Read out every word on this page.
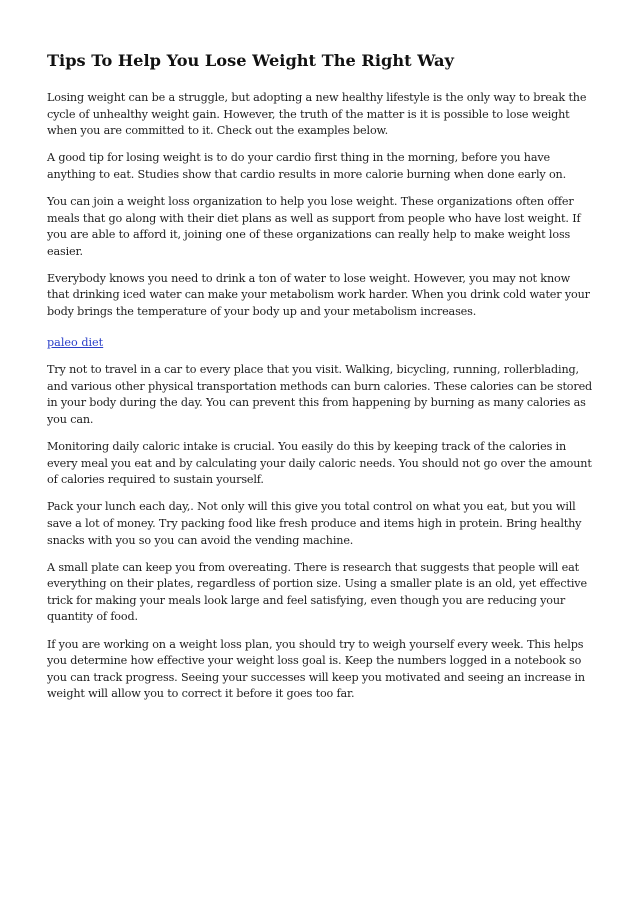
Tips To Help You Lose Weight The Right Way

Losing weight can be a struggle, but adopting a new healthy lifestyle is the only way to break the cycle of unhealthy weight gain. However, the truth of the matter is it is possible to lose weight when you are committed to it. Check out the examples below.

A good tip for losing weight is to do your cardio first thing in the morning, before you have anything to eat. Studies show that cardio results in more calorie burning when done early on.

You can join a weight loss organization to help you lose weight. These organizations often offer meals that go along with their diet plans as well as support from people who have lost weight. If you are able to afford it, joining one of these organizations can really help to make weight loss easier.

Everybody knows you need to drink a ton of water to lose weight. However, you may not know that drinking iced water can make your metabolism work harder. When you drink cold water your body brings the temperature of your body up and your metabolism increases.

paleo diet

Try not to travel in a car to every place that you visit. Walking, bicycling, running, rollerblading, and various other physical transportation methods can burn calories. These calories can be stored in your body during the day. You can prevent this from happening by burning as many calories as you can.

Monitoring daily caloric intake is crucial. You easily do this by keeping track of the calories in every meal you eat and by calculating your daily caloric needs. You should not go over the amount of calories required to sustain yourself.

Pack your lunch each day,. Not only will this give you total control on what you eat, but you will save a lot of money. Try packing food like fresh produce and items high in protein. Bring healthy snacks with you so you can avoid the vending machine.

A small plate can keep you from overeating. There is research that suggests that people will eat everything on their plates, regardless of portion size. Using a smaller plate is an old, yet effective trick for making your meals look large and feel satisfying, even though you are reducing your quantity of food.

If you are working on a weight loss plan, you should try to weigh yourself every week. This helps you determine how effective your weight loss goal is. Keep the numbers logged in a notebook so you can track progress. Seeing your successes will keep you motivated and seeing an increase in weight will allow you to correct it before it goes too far.
